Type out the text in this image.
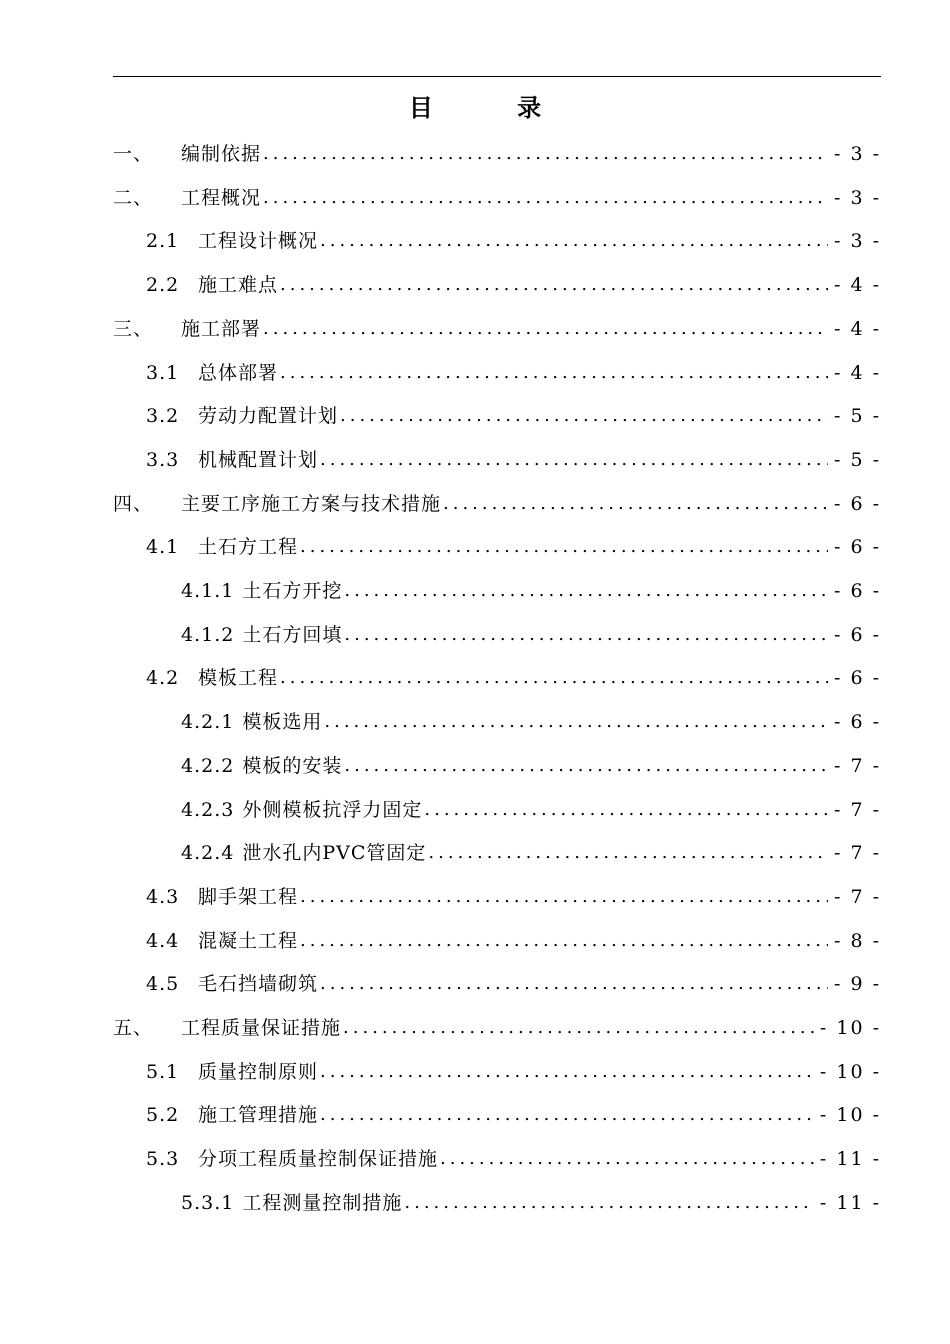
目 录
一、	编制依据 .....	- 3 -
二、	工程概况 .....	- 3 -
2.1 工程设计概况 .....	- 3 -
2.2 施工难点 .....	- 4 -
三、	施工部署 .....	- 4 -
3.1 总体部署 .....	- 4 -
3.2 劳动力配置计划 .....	- 5 -
3.3 机械配置计划 .....	- 5 -
四、	主要工序施工方案与技术措施 .....	- 6 -
4.1 土石方工程 .....	- 6 -
4.1.1 土石方开挖 .....	- 6 -
4.1.2 土石方回填 .....	- 6 -
4.2 模板工程 .....	- 6 -
4.2.1 模板选用 .....	- 6 -
4.2.2 模板的安装 .....	- 7 -
4.2.3 外侧模板抗浮力固定 .....	- 7 -
4.2.4 泄水孔内PVC管固定 .....	- 7 -
4.3 脚手架工程 .....	- 7 -
4.4 混凝土工程 .....	- 8 -
4.5 毛石挡墙砌筑 .....	- 9 -
五、	工程质量保证措施 .....	- 10 -
5.1 质量控制原则 .....	- 10 -
5.2 施工管理措施 .....	- 10 -
5.3 分项工程质量控制保证措施 .....	- 11 -
5.3.1 工程测量控制措施 .....	- 11 -
